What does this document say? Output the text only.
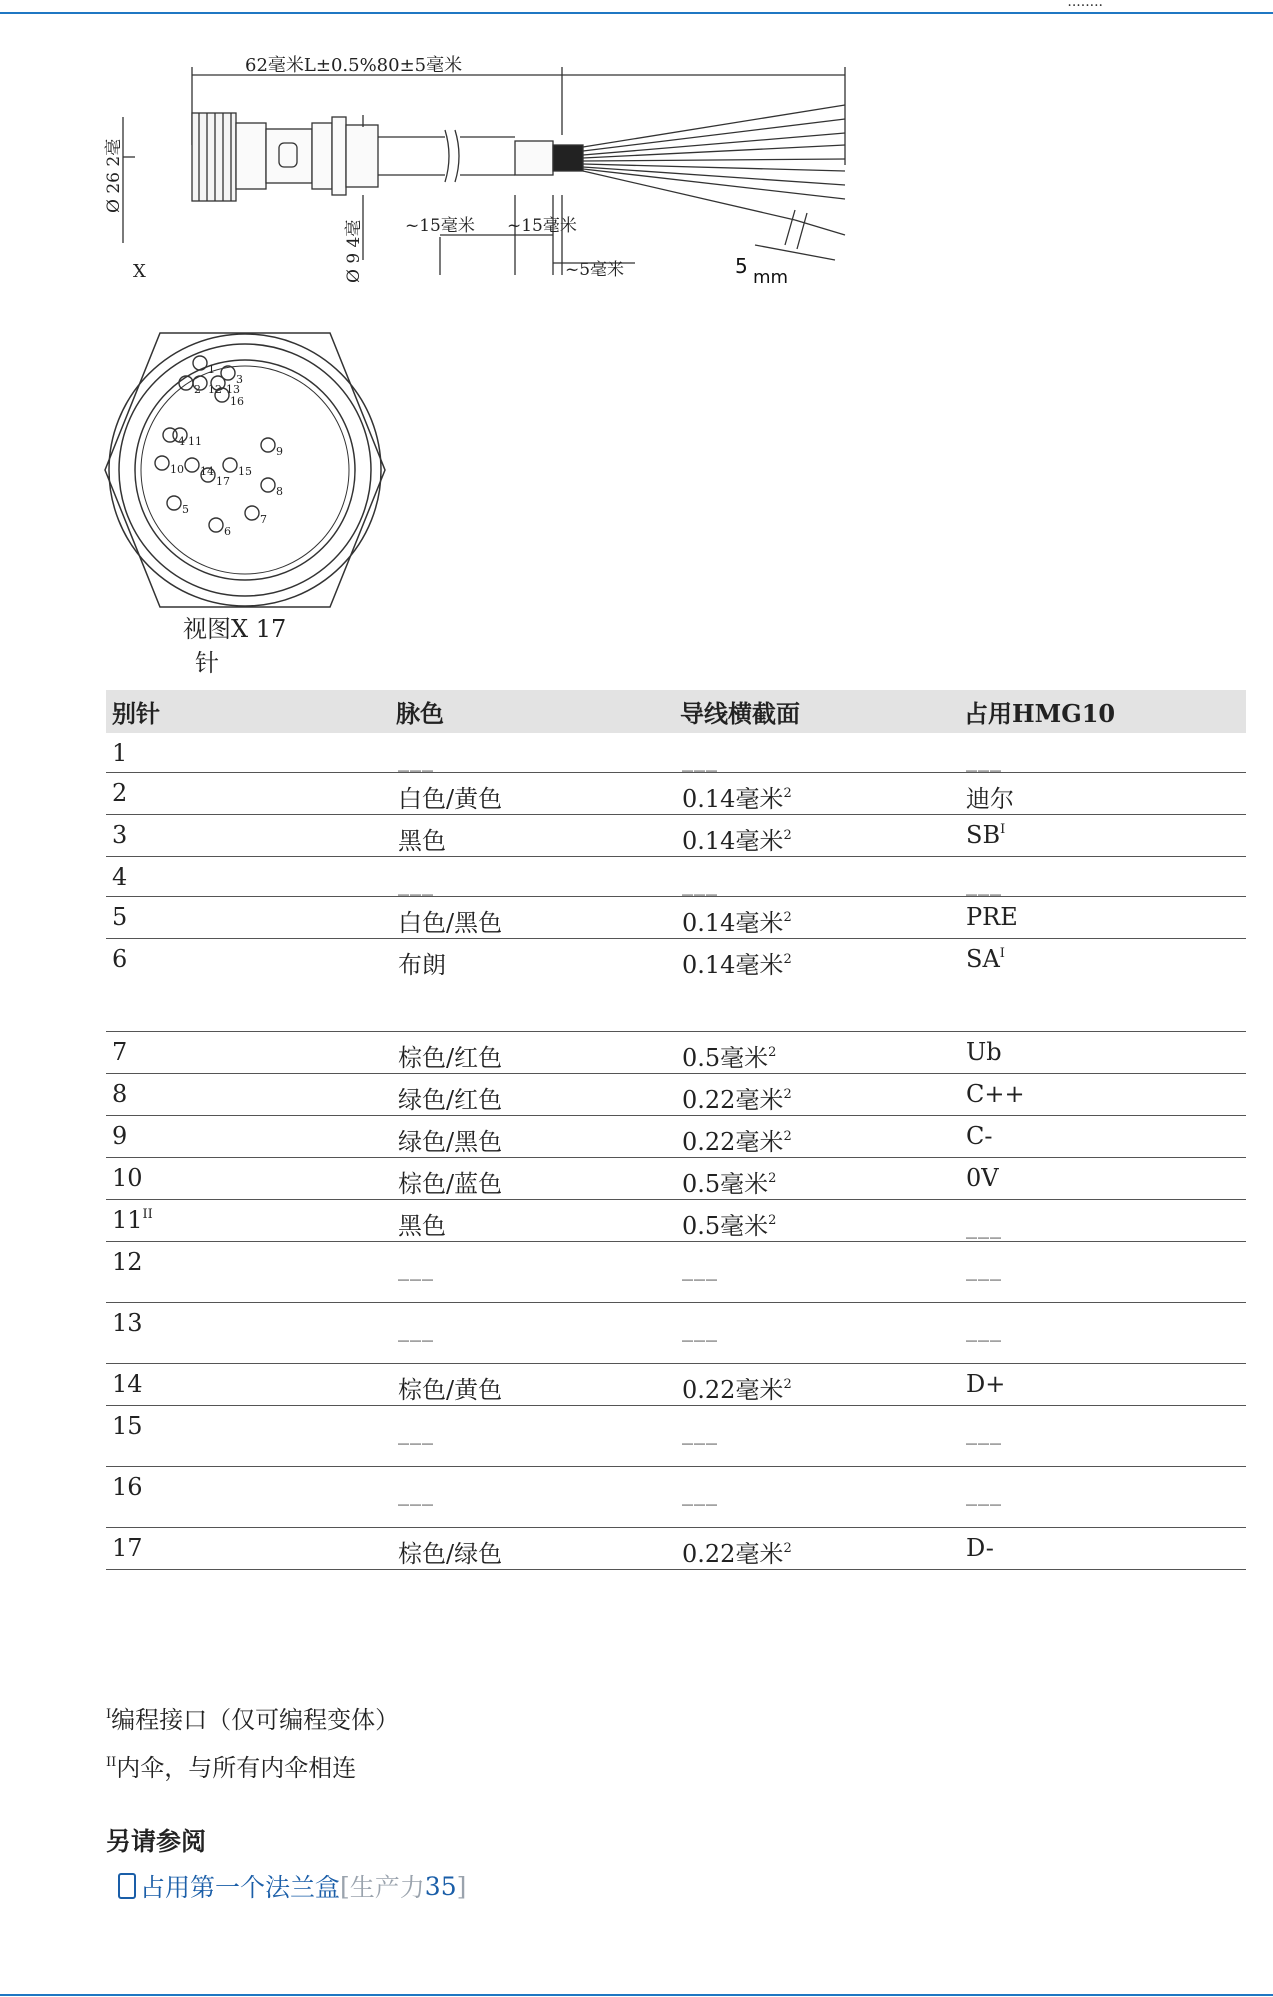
........
62毫米L±0.5%80±5毫米
Ø 26 2毫
Ø 9 4毫 ~15毫米 ~15毫米
~5毫米	5 mm
X
1
2
3
4
5
6
7
8
9
10
11
12 13
14 15
16
17
视图X 17
针
别针	脉色	导线横截面	占用HMG10
1	___	___	___
2	白色/黄色	0.14毫米$^2$	迪尔
3	黑色	0.14毫米$^2$	$SB^I$
4	___	___	___
5	白色/黑色	0.14毫米$^2$	PRE
6	布朗	0.14毫米$^2$	$SA^I$
7	棕色/红色	0.5毫米$^2$	Ub
8	绿色/红色	0.22毫米$^2$	C++
9	绿色/黑色	0.22毫米$^2$	C-
10	棕色/蓝色	0.5毫米$^2$	0V
$11^{II}$	黑色	0.5毫米$^2$	___
12	___	___	___
13	___	___	___
14	棕色/黄色	0.22毫米$^2$	D+
15	___	___	___
16	___	___	___
17	棕色/绿色	0.22毫米$^2$	D-
$^I$编程接口（仅可编程变体）
$^{II}$内伞，与所有内伞相连
另请参阅
占用第一个法兰盒 [ 生产力 35 ]
